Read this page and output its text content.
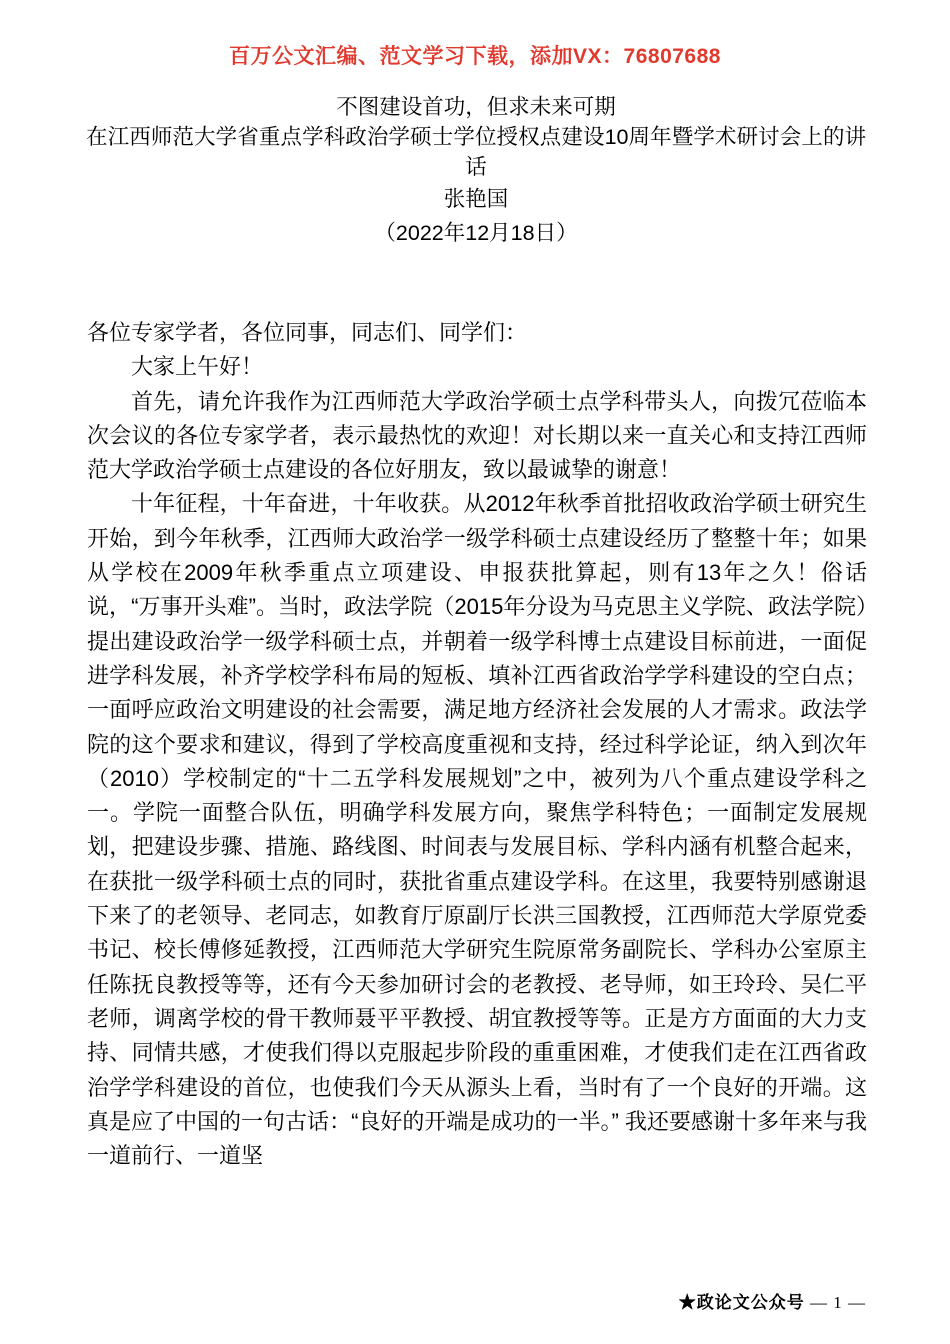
百万公文汇编、范文学习下载，添加VX：76807688
不图建设首功，但求未来可期
在江西师范大学省重点学科政治学硕士学位授权点建设10周年暨学术研讨会上的讲话
张艳国
（2022年12月18日）

各位专家学者，各位同事，同志们、同学们：

大家上午好！

首先，请允许我作为江西师范大学政治学硕士点学科带头人，向拨冗莅临本次会议的各位专家学者，表示最热忱的欢迎！对长期以来一直关心和支持江西师范大学政治学硕士点建设的各位好朋友，致以最诚挚的谢意！

十年征程，十年奋进，十年收获。从2012年秋季首批招收政治学硕士研究生开始，到今年秋季，江西师大政治学一级学科硕士点建设经历了整整十年；如果从学校在2009年秋季重点立项建设、申报获批算起，则有13年之久！俗话说，“万事开头难”。当时，政法学院（2015年分设为马克思主义学院、政法学院）提出建设政治学一级学科硕士点，并朝着一级学科博士点建设目标前进，一面促进学科发展，补齐学校学科布局的短板、填补江西省政治学学科建设的空白点；一面呼应政治文明建设的社会需要，满足地方经济社会发展的人才需求。政法学院的这个要求和建议，得到了学校高度重视和支持，经过科学论证，纳入到次年（2010）学校制定的“十二五学科发展规划”之中，被列为八个重点建设学科之一。学院一面整合队伍，明确学科发展方向，聚焦学科特色；一面制定发展规划，把建设步骤、措施、路线图、时间表与发展目标、学科内涵有机整合起来，在获批一级学科硕士点的同时，获批省重点建设学科。在这里，我要特别感谢退下来了的老领导、老同志，如教育厅原副厅长洪三国教授，江西师范大学原党委书记、校长傅修延教授，江西师范大学研究生院原常务副院长、学科办公室原主任陈抚良教授等等，还有今天参加研讨会的老教授、老导师，如王玲玲、吴仁平老师，调离学校的骨干教师聂平平教授、胡宜教授等等。正是方方面面的大力支持、同情共感，才使我们得以克服起步阶段的重重困难，才使我们走在江西省政治学学科建设的首位，也使我们今天从源头上看，当时有了一个良好的开端。这真是应了中国的一句古话：“良好的开端是成功的一半。” 我还要感谢十多年来与我一道前行、一道坚

★政论文公众号 — 1 —
